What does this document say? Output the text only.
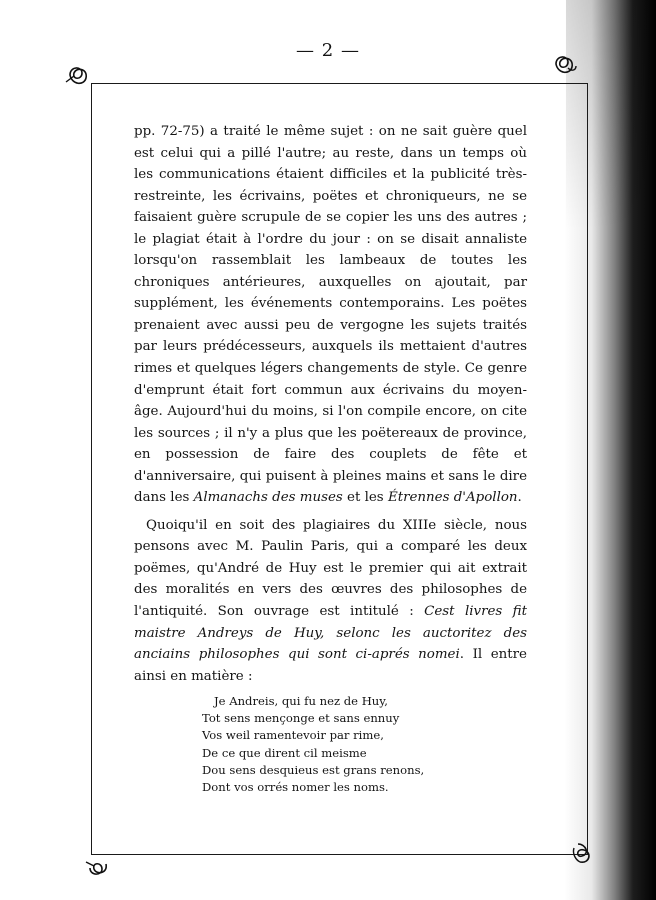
— 2 —

pp. 72-75) a traité le même sujet : on ne sait guère quel est celui qui a pillé l'autre; au reste, dans un temps où les communications étaient difficiles et la publicité très-restreinte, les écrivains, poëtes et chroniqueurs, ne se faisaient guère scrupule de se copier les uns des autres ; le plagiat était à l'ordre du jour : on se disait annaliste lorsqu'on rassemblait les lambeaux de toutes les chroniques antérieures, auxquelles on ajoutait, par supplément, les événements contemporains. Les poëtes prenaient avec aussi peu de vergogne les sujets traités par leurs prédécesseurs, auxquels ils mettaient d'autres rimes et quelques légers changements de style. Ce genre d'emprunt était fort commun aux écrivains du moyen-âge. Aujourd'hui du moins, si l'on compile encore, on cite les sources ; il n'y a plus que les poëtereaux de province, en possession de faire des couplets de fête et d'anniversaire, qui puisent à pleines mains et sans le dire dans les Almanachs des muses et les Étrennes d'Apollon.

Quoiqu'il en soit des plagiaires du XIIIe siècle, nous pensons avec M. Paulin Paris, qui a comparé les deux poëmes, qu'André de Huy est le premier qui ait extrait des moralités en vers des œuvres des philosophes de l'antiquité. Son ouvrage est intitulé : Cest livres fit maistre Andreys de Huy, selonc les auctoritez des anciains philosophes qui sont ci-aprés nomei. Il entre ainsi en matière :

Je Andreis, qui fu nez de Huy,
Tot sens mençonge et sans ennuy
Vos weil ramentevoir par rime,
De ce que dirent cil meisme
Dou sens desquieus est grans renons,
Dont vos orrés nomer les noms.
